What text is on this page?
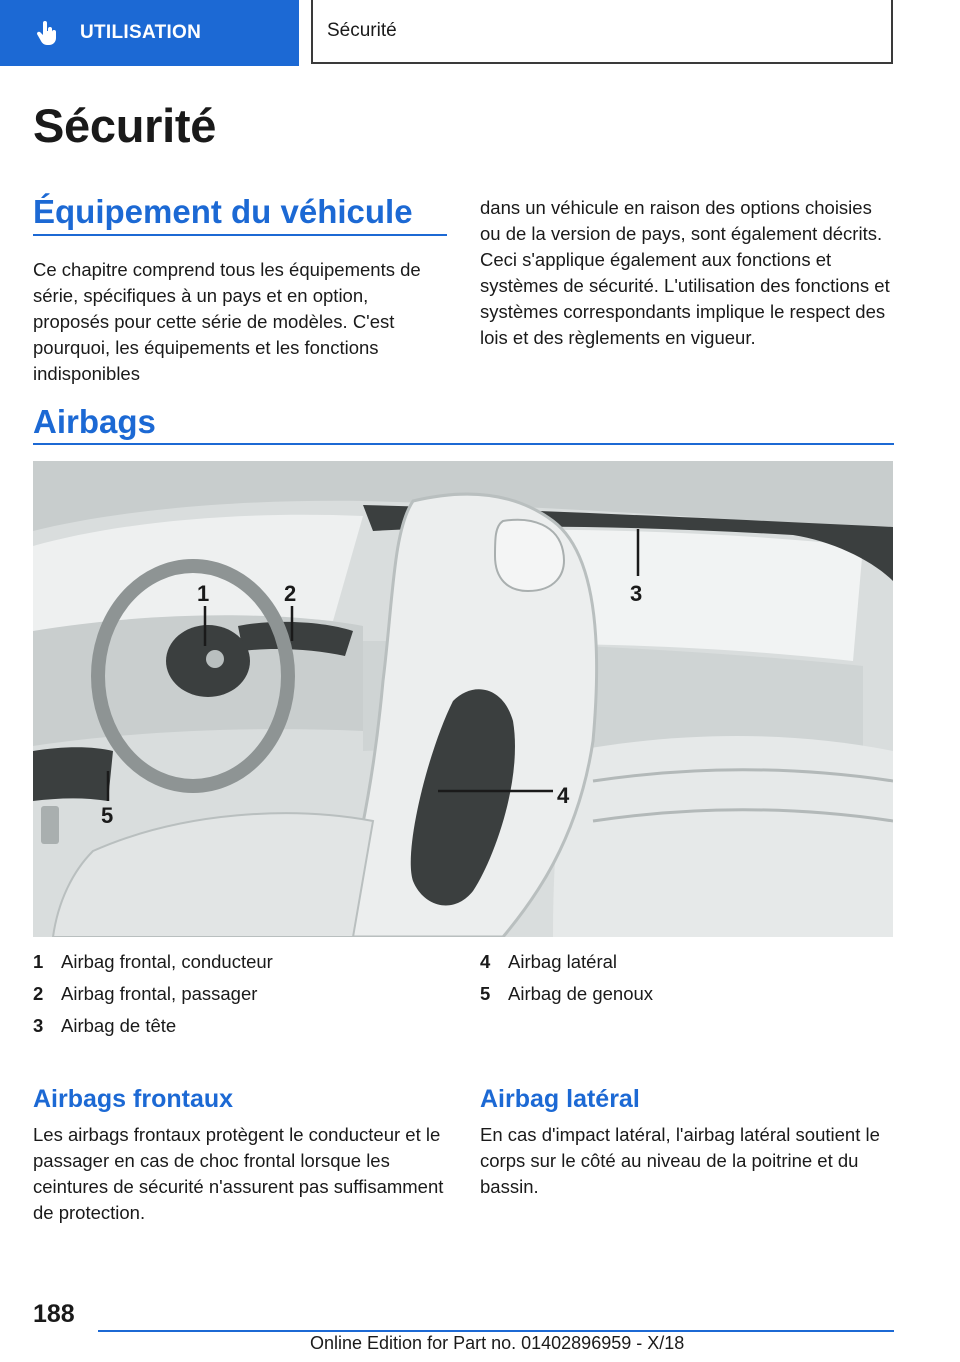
UTILISATION	Sécurité
Sécurité
Équipement du véhicule
Ce chapitre comprend tous les équipements de série, spécifiques à un pays et en option, proposés pour cette série de modèles. C'est pourquoi, les équipements et les fonctions indisponibles
dans un véhicule en raison des options choisies ou de la version de pays, sont également décrits. Ceci s'applique également aux fonctions et systèmes de sécurité. L'utilisation des fonctions et systèmes correspondants implique le respect des lois et des règlements en vigueur.
Airbags
1	2	3
4
5
1 Airbag frontal, conducteur
2 Airbag frontal, passager
3 Airbag de tête
4 Airbag latéral
5 Airbag de genoux
Airbags frontaux
Les airbags frontaux protègent le conducteur et le passager en cas de choc frontal lorsque les ceintures de sécurité n'assurent pas suffisamment de protection.
Airbag latéral
En cas d'impact latéral, l'airbag latéral soutient le corps sur le côté au niveau de la poitrine et du bassin.
188
Online Edition for Part no. 01402896959 - X/18
